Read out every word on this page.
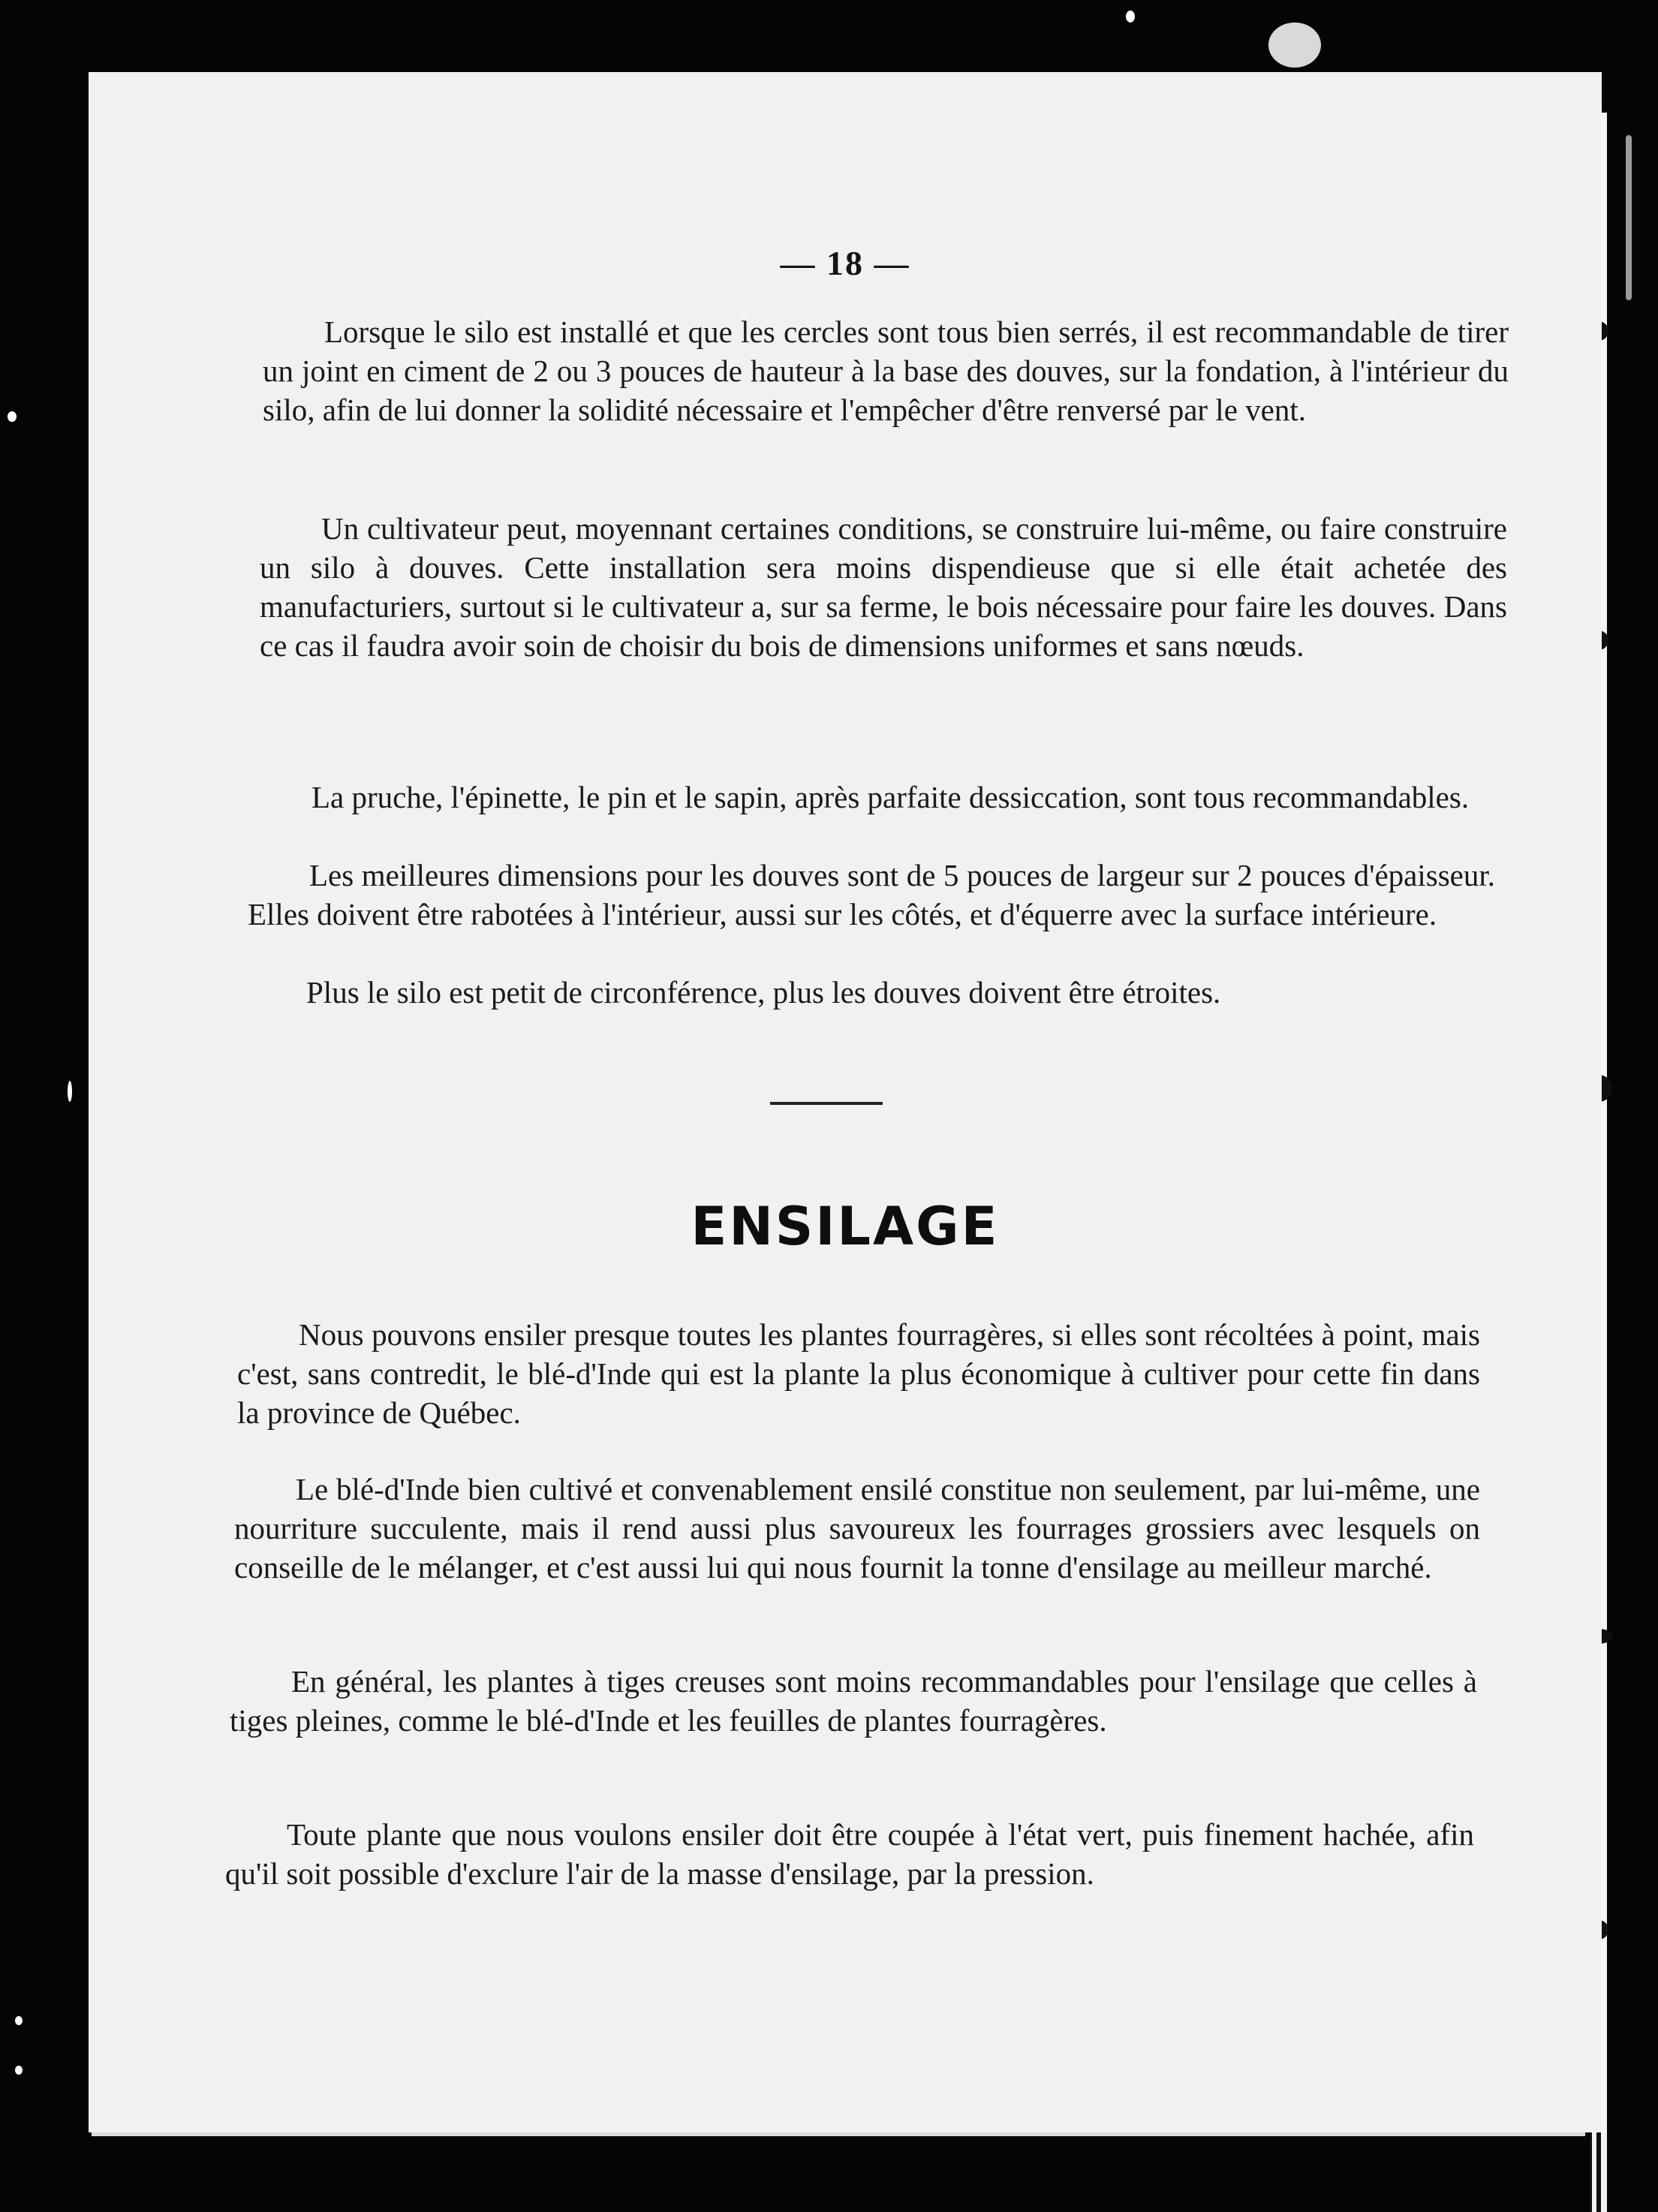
— 18 —

Lorsque le silo est installé et que les cercles sont tous bien serrés, il est recommandable de tirer un joint en ciment de 2 ou 3 pouces de hauteur à la base des douves, sur la fondation, à l'intérieur du silo, afin de lui donner la solidité nécessaire et l'empêcher d'être renversé par le vent.

Un cultivateur peut, moyennant certaines conditions, se construire lui-même, ou faire construire un silo à douves. Cette installation sera moins dispendieuse que si elle était achetée des manufacturiers, surtout si le cultivateur a, sur sa ferme, le bois nécessaire pour faire les douves. Dans ce cas il faudra avoir soin de choisir du bois de dimensions uniformes et sans nœuds.

La pruche, l'épinette, le pin et le sapin, après parfaite dessiccation, sont tous recommandables.

Les meilleures dimensions pour les douves sont de 5 pouces de largeur sur 2 pouces d'épaisseur. Elles doivent être rabotées à l'intérieur, aussi sur les côtés, et d'équerre avec la surface intérieure.

Plus le silo est petit de circonférence, plus les douves doivent être étroites.

ENSILAGE

Nous pouvons ensiler presque toutes les plantes fourragères, si elles sont récoltées à point, mais c'est, sans contredit, le blé-d'Inde qui est la plante la plus économique à cultiver pour cette fin dans la province de Québec.

Le blé-d'Inde bien cultivé et convenablement ensilé constitue non seulement, par lui-même, une nourriture succulente, mais il rend aussi plus savoureux les fourrages grossiers avec lesquels on conseille de le mélanger, et c'est aussi lui qui nous fournit la tonne d'ensilage au meilleur marché.

En général, les plantes à tiges creuses sont moins recommandables pour l'ensilage que celles à tiges pleines, comme le blé-d'Inde et les feuilles de plantes fourragères.

Toute plante que nous voulons ensiler doit être coupée à l'état vert, puis finement hachée, afin qu'il soit possible d'exclure l'air de la masse d'ensilage, par la pression.
